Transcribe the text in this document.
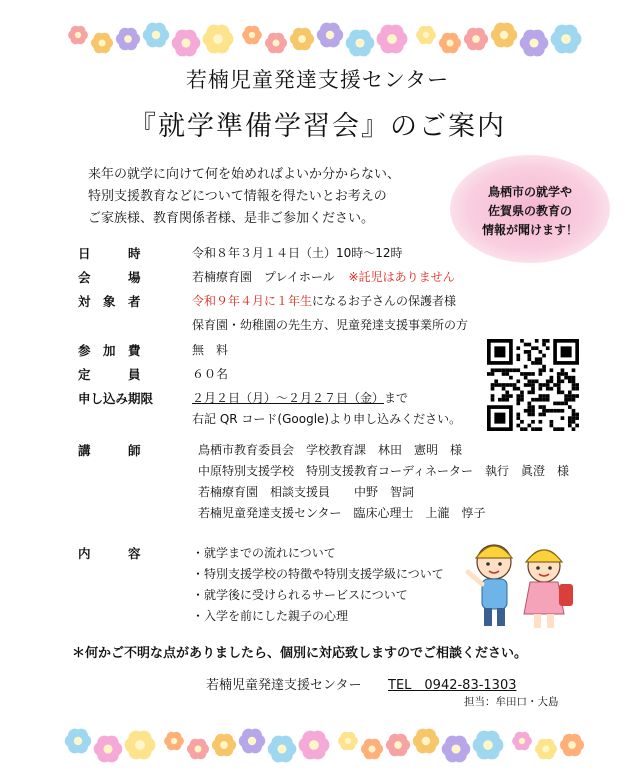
若楠児童発達支援センター
『就学準備学習会』のご案内
来年の就学に向けて何を始めればよいか分からない、
特別支援教育などについて情報を得たいとお考えの
ご家族様、教育関係者様、是非ご参加ください。
鳥栖市の就学や
佐賀県の教育の
情報が聞けます！
日　　　時	令和８年３月１４日（土）10時～12時
会　　　場	若楠療育園　プレイホール ※託児はありません
対　象　者	令和９年４月に１年生になるお子さんの保護者様
保育園・幼稚園の先生方、児童発達支援事業所の方
参　加　費	無　料
定　　　員	６０名
申し込み期限	２月２日（月）～２月２７日（金）まで
右記 QR コード(Google)より申し込みください。
講　　　師	鳥栖市教育委員会　学校教育課　林田　憲明　様
中原特別支援学校　特別支援教育コーディネーター　執行　眞澄　様
若楠療育園　相談支援員　　中野　智詞
若楠児童発達支援センター　臨床心理士　上瀧　惇子
内　　　容	・就学までの流れについて
・特別支援学校の特徴や特別支援学級について
・就学後に受けられるサービスについて
・入学を前にした親子の心理
＊何かご不明な点がありましたら、個別に対応致しますのでご相談ください。
若楠児童発達支援センター TEL　0942-83-1303
担当：牟田口・大島
